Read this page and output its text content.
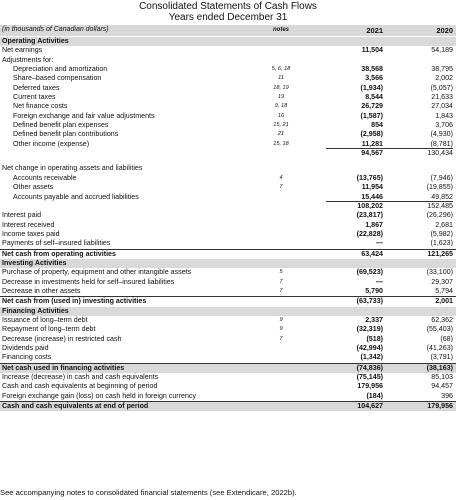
Consolidated Statements of Cash Flows
Years ended December 31
(in thousands of Canadian dollars)	notes	2021	2020
Operating Activities
Net earnings	11,504	54,189
Adjustments for:
Depreciation and amortization	5, 6, 18	38,568	38,795
Share–based compensation	11	3,566	2,002
Deferred taxes	18, 19	(1,934)	(5,057)
Current taxes	19	8,544	21,633
Net finance costs	9, 18	26,729	27,034
Foreign exchange and fair value adjustments	16	(1,587)	1,843
Defined benefit plan expenses	15, 21	854	3,706
Defined benefit plan contributions	21	(2,958)	(4,930)
Other income (expense)	15, 18	11,281	(8,781)
94,567	130,434
Net change in operating assets and liabilities
Accounts receivable	4	(13,765)	(7,946)
Other assets	7	11,954	(19,855)
Accounts payable and accrued liabilities	15,446	49,852
108,202	152,485
Interest paid	(23,817)	(26,296)
Interest received	1,867	2,681
Income taxes paid	(22,828)	(5,982)
Payments of self–insured liabilities	—	(1,623)
Net cash from operating activities	63,424	121,265
Investing Activities
Purchase of property, equipment and other intangible assets	5	(69,523)	(33,100)
Decrease in investments held for self–insured liabilities	7	—	29,307
Decrease in other assets	7	5,790	5,794
Net cash from (used in) investing activities	(63,733)	2,001
Financing Activities
Issuance of long–term debt	9	2,337	62,362
Repayment of long–term debt	9	(32,319)	(55,403)
Decrease (increase) in restricted cash	7	(518)	(68)
Dividends paid	(42,994)	(41,263)
Financing costs	(1,342)	(3,791)
Net cash used in financing activities	(74,836)	(38,163)
Increase (decrease) in cash and cash equivalents	(75,145)	85,103
Cash and cash equivalents at beginning of period	179,956	94,457
Foreign exchange gain (loss) on cash held in foreign currency	(184)	396
Cash and cash equivalents at end of period	104,627	179,956
See accompanying notes to consolidated financial statements (see Extendicare, 2022b).
